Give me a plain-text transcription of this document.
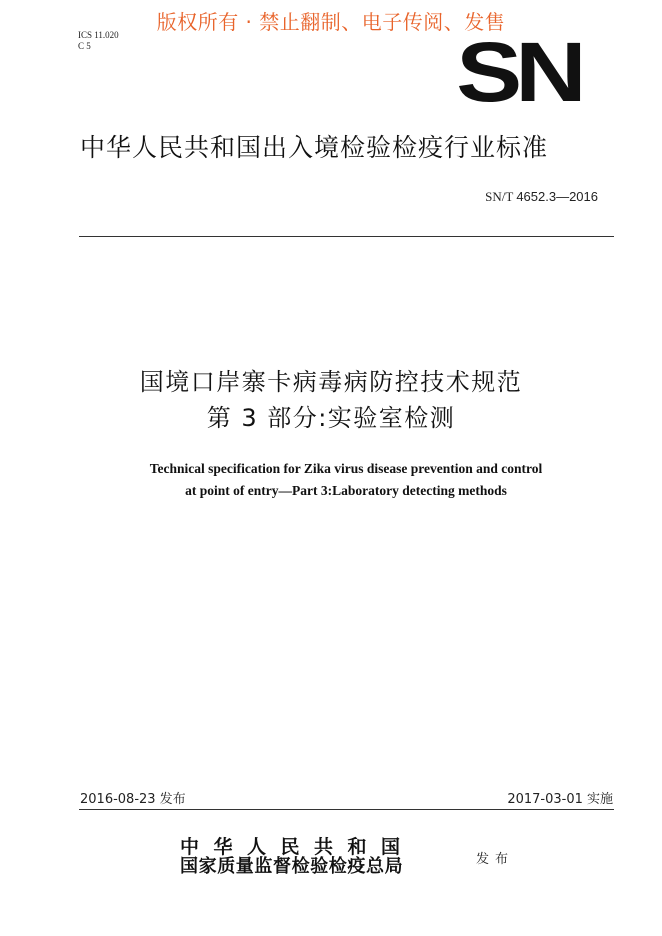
版权所有 · 禁止翻制、电子传阅、发售
ICS 11.020
C 5	SN
中华人民共和国出入境检验检疫行业标准
SN/T 4652.3—2016
国境口岸寨卡病毒病防控技术规范
第 3 部分:实验室检测
Technical specification for Zika virus disease prevention and control
at point of entry—Part 3:Laboratory detecting methods
2016-08-23 发布	2017-03-01 实施
中华人民共和国
国家质量监督检验检疫总局	发布
